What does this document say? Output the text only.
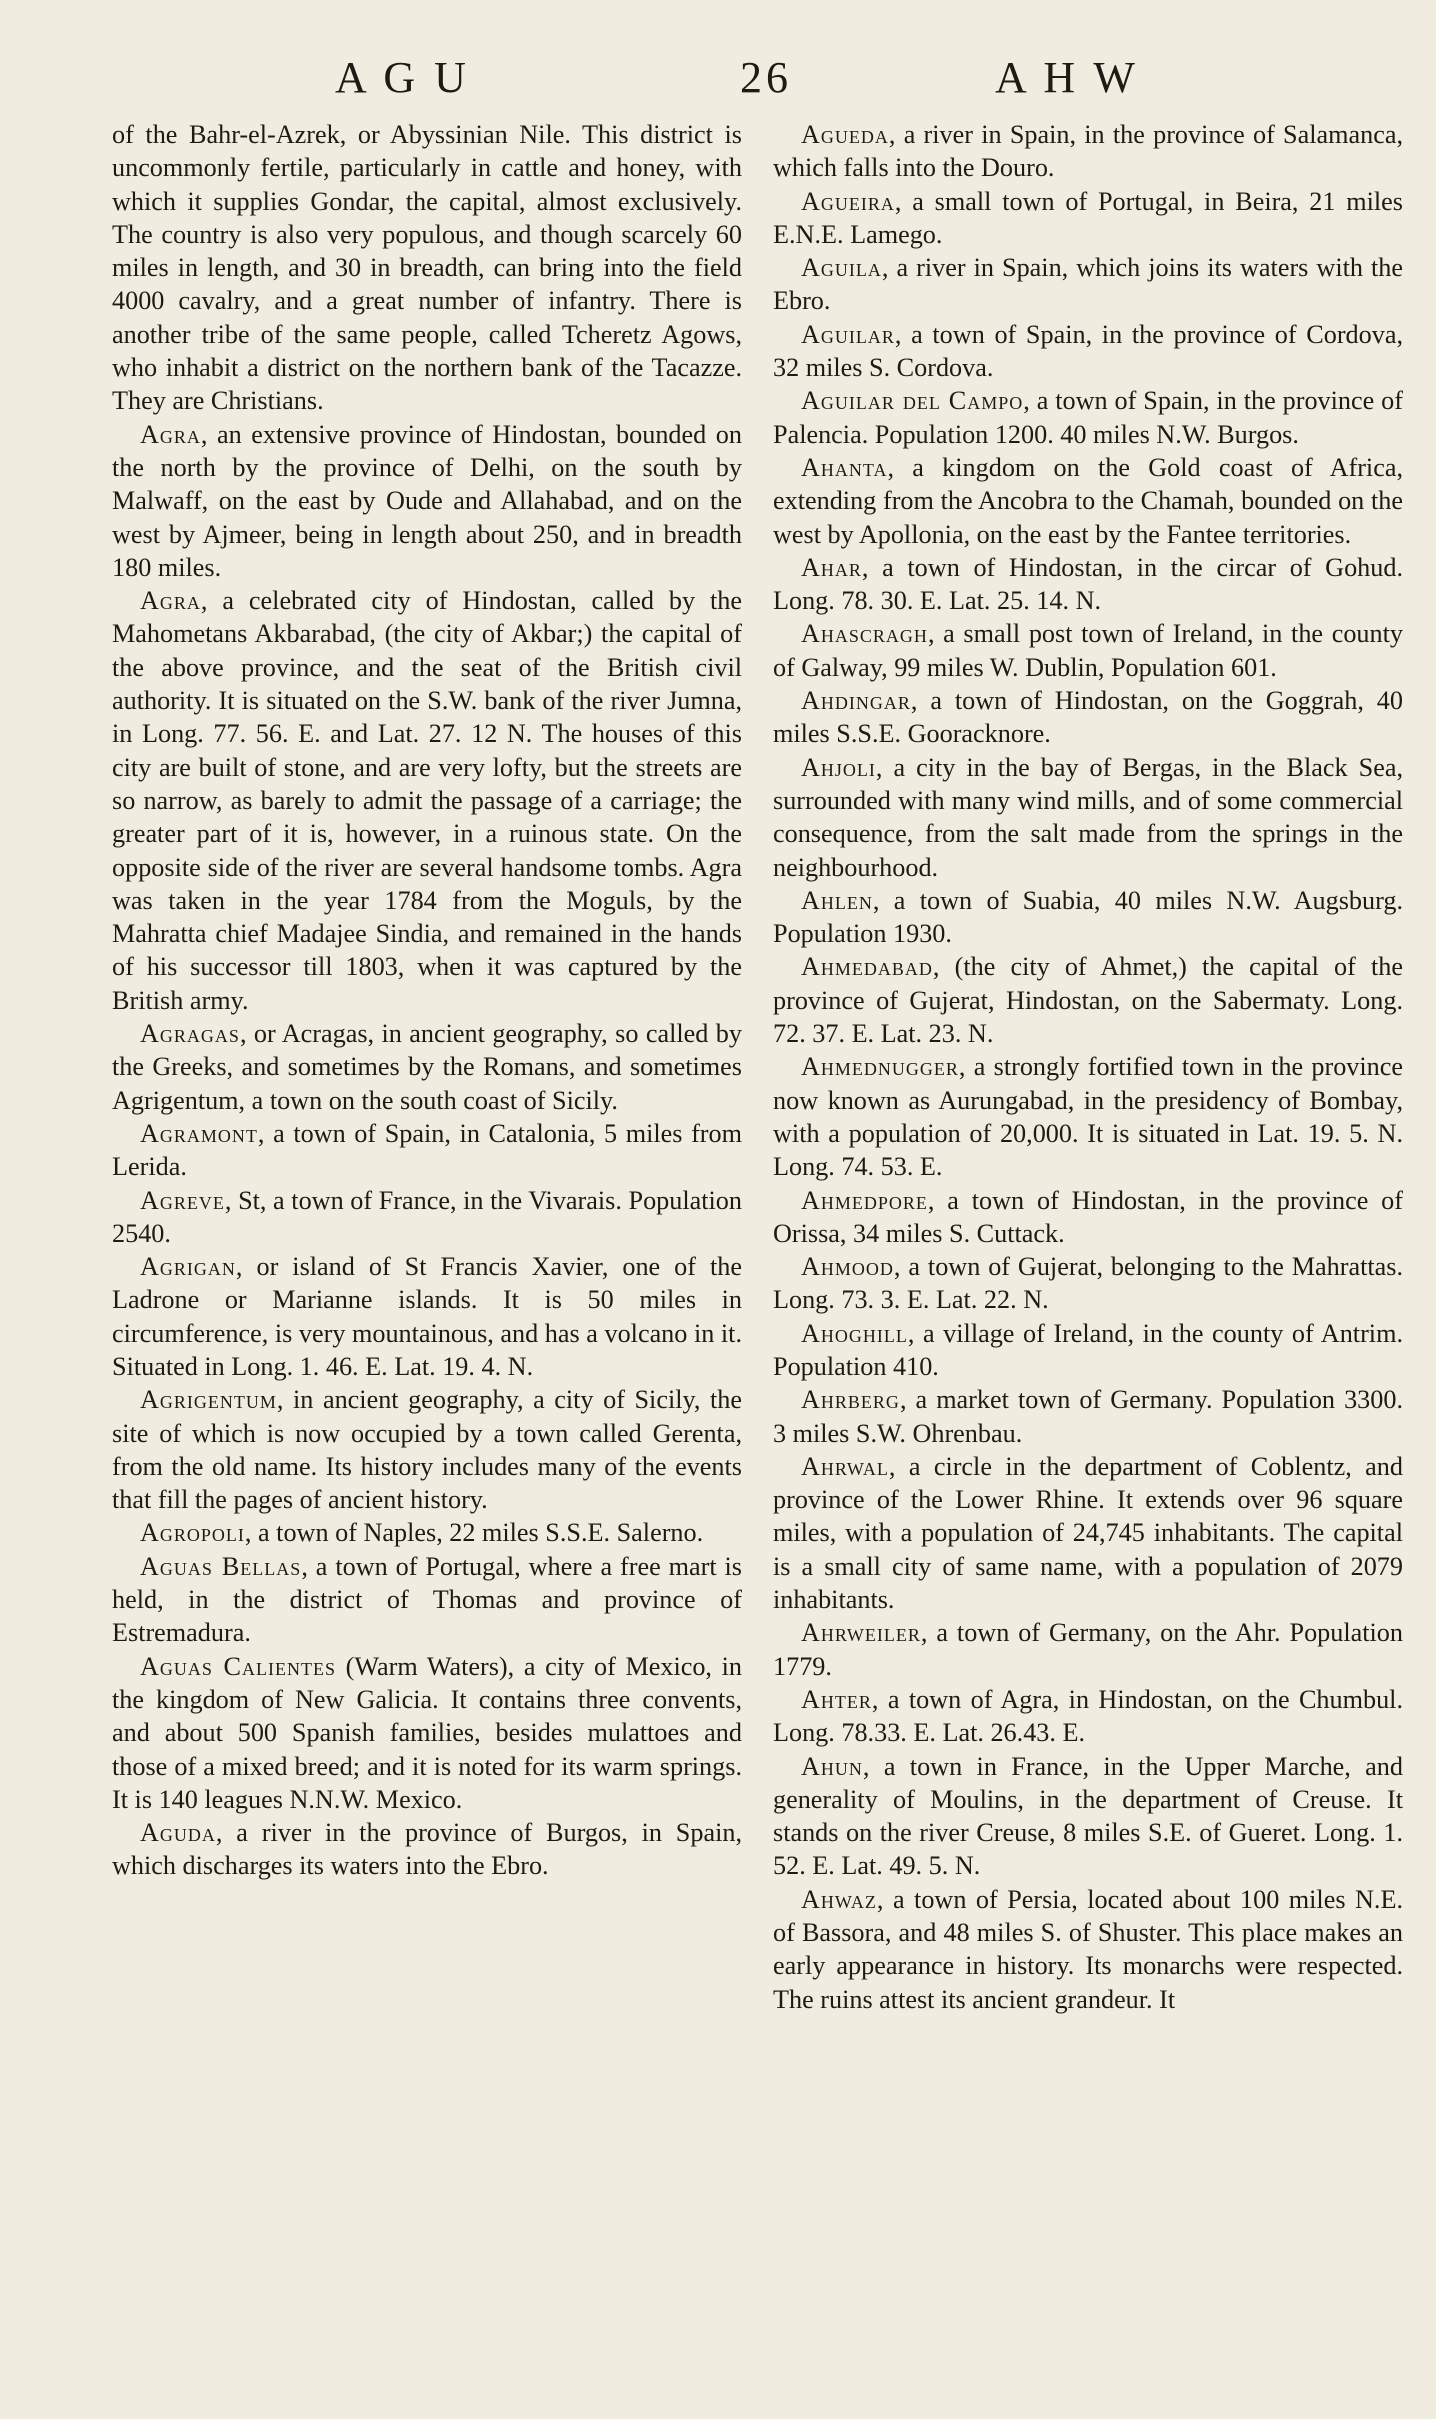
A G U	26	A H W

of the Bahr-el-Azrek, or Abyssinian Nile. This district is uncommonly fertile, particularly in cattle and honey, with which it supplies Gondar, the capital, almost exclusively. The country is also very populous, and though scarcely 60 miles in length, and 30 in breadth, can bring into the field 4000 cavalry, and a great number of infantry. There is another tribe of the same people, called Tcheretz Agows, who inhabit a district on the northern bank of the Tacazze. They are Christians.

Agra, an extensive province of Hindostan, bounded on the north by the province of Delhi, on the south by Malwaff, on the east by Oude and Allahabad, and on the west by Ajmeer, being in length about 250, and in breadth 180 miles.

Agra, a celebrated city of Hindostan, called by the Mahometans Akbarabad, (the city of Akbar;) the capital of the above province, and the seat of the British civil authority. It is situated on the S.W. bank of the river Jumna, in Long. 77. 56. E. and Lat. 27. 12 N. The houses of this city are built of stone, and are very lofty, but the streets are so narrow, as barely to admit the passage of a carriage; the greater part of it is, however, in a ruinous state. On the opposite side of the river are several handsome tombs. Agra was taken in the year 1784 from the Moguls, by the Mahratta chief Madajee Sindia, and remained in the hands of his successor till 1803, when it was captured by the British army.

Agragas, or Acragas, in ancient geography, so called by the Greeks, and sometimes by the Romans, and sometimes Agrigentum, a town on the south coast of Sicily.

Agramont, a town of Spain, in Catalonia, 5 miles from Lerida.

Agreve, St, a town of France, in the Vivarais. Population 2540.

Agrigan, or island of St Francis Xavier, one of the Ladrone or Marianne islands. It is 50 miles in circumference, is very mountainous, and has a volcano in it. Situated in Long. 1. 46. E. Lat. 19. 4. N.

Agrigentum, in ancient geography, a city of Sicily, the site of which is now occupied by a town called Gerenta, from the old name. Its history includes many of the events that fill the pages of ancient history.

Agropoli, a town of Naples, 22 miles S.S.E. Salerno.

Aguas Bellas, a town of Portugal, where a free mart is held, in the district of Thomas and province of Estremadura.

Aguas Calientes (Warm Waters), a city of Mexico, in the kingdom of New Galicia. It contains three convents, and about 500 Spanish families, besides mulattoes and those of a mixed breed; and it is noted for its warm springs. It is 140 leagues N.N.W. Mexico.

Aguda, a river in the province of Burgos, in Spain, which discharges its waters into the Ebro.

Agueda, a river in Spain, in the province of Salamanca, which falls into the Douro.

Agueira, a small town of Portugal, in Beira, 21 miles E.N.E. Lamego.

Aguila, a river in Spain, which joins its waters with the Ebro.

Aguilar, a town of Spain, in the province of Cordova, 32 miles S. Cordova.

Aguilar del Campo, a town of Spain, in the province of Palencia. Population 1200. 40 miles N.W. Burgos.

Ahanta, a kingdom on the Gold coast of Africa, extending from the Ancobra to the Chamah, bounded on the west by Apollonia, on the east by the Fantee territories.

Ahar, a town of Hindostan, in the circar of Gohud. Long. 78. 30. E. Lat. 25. 14. N.

Ahascragh, a small post town of Ireland, in the county of Galway, 99 miles W. Dublin, Population 601.

Ahdingar, a town of Hindostan, on the Goggrah, 40 miles S.S.E. Gooracknore.

Ahjoli, a city in the bay of Bergas, in the Black Sea, surrounded with many wind mills, and of some commercial consequence, from the salt made from the springs in the neighbourhood.

Ahlen, a town of Suabia, 40 miles N.W. Augsburg. Population 1930.

Ahmedabad, (the city of Ahmet,) the capital of the province of Gujerat, Hindostan, on the Sabermaty. Long. 72. 37. E. Lat. 23. N.

Ahmednugger, a strongly fortified town in the province now known as Aurungabad, in the presidency of Bombay, with a population of 20,000. It is situated in Lat. 19. 5. N. Long. 74. 53. E.

Ahmedpore, a town of Hindostan, in the province of Orissa, 34 miles S. Cuttack.

Ahmood, a town of Gujerat, belonging to the Mahrattas. Long. 73. 3. E. Lat. 22. N.

Ahoghill, a village of Ireland, in the county of Antrim. Population 410.

Ahrberg, a market town of Germany. Population 3300. 3 miles S.W. Ohrenbau.

Ahrwal, a circle in the department of Coblentz, and province of the Lower Rhine. It extends over 96 square miles, with a population of 24,745 inhabitants. The capital is a small city of same name, with a population of 2079 inhabitants.

Ahrweiler, a town of Germany, on the Ahr. Population 1779.

Ahter, a town of Agra, in Hindostan, on the Chumbul. Long. 78.33. E. Lat. 26.43. E.

Ahun, a town in France, in the Upper Marche, and generality of Moulins, in the department of Creuse. It stands on the river Creuse, 8 miles S.E. of Gueret. Long. 1. 52. E. Lat. 49. 5. N.

Ahwaz, a town of Persia, located about 100 miles N.E. of Bassora, and 48 miles S. of Shuster. This place makes an early appearance in history. Its monarchs were respected. The ruins attest its ancient grandeur. It
